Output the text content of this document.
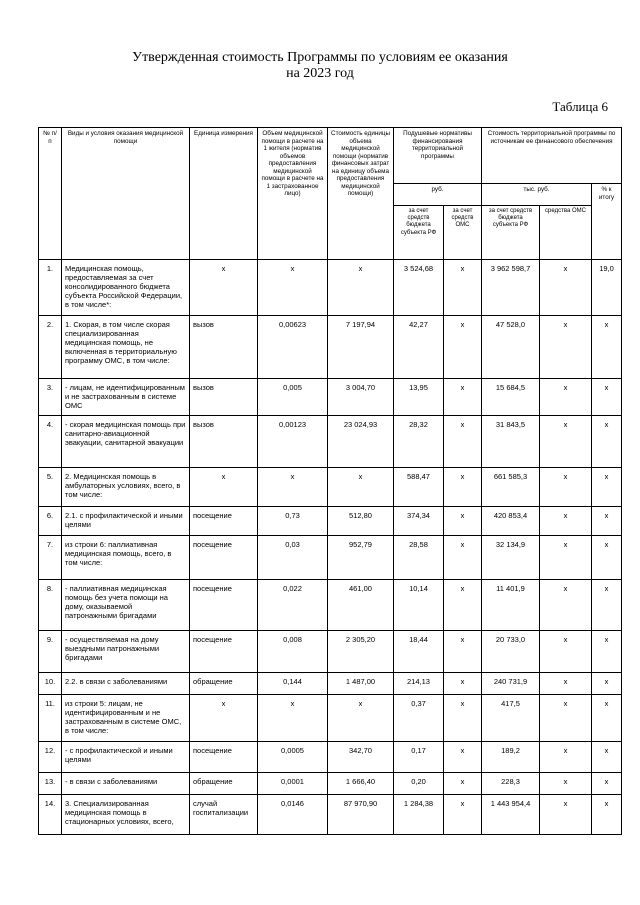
Утвержденная стоимость Программы по условиям ее оказания
на 2023 год
Таблица 6
№ п/п	Виды и условия оказания медицинской помощи	Единица измерения	Объем медицинской помощи в расчете на 1 жителя (норматив объемов предоставления медицинской помощи в расчете на 1 застрахованное лицо)	Стоимость единицы объема медицинской помощи (норматив финансовых затрат на единицу объема предоставления медицинской помощи)	Подушевые нормативы финансирования территориальной программы		Стоимость территориальной программы по источникам ее финансового обеспечения		
					руб.		тыс. руб.		% к итогу
					за счет средств бюджета субъекта РФ	за счет средств ОМС	за счет средств бюджета субъекта РФ	средства ОМС	
1.	Медицинская помощь, предоставляемая за счет консолидированного бюджета субъекта Российской Федерации, в том числе*:	x	x	x	3 524,68	x	3 962 598,7	x	19,0
2.	1. Скорая, в том числе скорая специализированная медицинская помощь, не включенная в территориальную программу ОМС, в том числе:	вызов	0,00623	7 197,94	42,27	x	47 528,0	x	x
3.	- лицам, не идентифицированным и не застрахованным в системе ОМС	вызов	0,005	3 004,70	13,95	x	15 684,5	x	x
4.	- скорая медицинская помощь при санитарно-авиационной эвакуации, санитарной эвакуации	вызов	0,00123	23 024,93	28,32	x	31 843,5	x	x
5.	2. Медицинская помощь в амбулаторных условиях, всего, в том числе:	x	x	x	588,47	x	661 585,3	x	x
6.	2.1. с профилактической и иными целями	посещение	0,73	512,80	374,34	x	420 853,4	x	x
7.	из строки 6: паллиативная медицинская помощь, всего, в том числе:	посещение	0,03	952,79	28,58	x	32 134,9	x	x
8.	- паллиативная медицинская помощь без учета помощи на дому, оказываемой патронажными бригадами	посещение	0,022	461,00	10,14	x	11 401,9	x	x
9.	- осуществляемая на дому выездными патронажными бригадами	посещение	0,008	2 305,20	18,44	x	20 733,0	x	x
10.	2.2. в связи с заболеваниями	обращение	0,144	1 487,00	214,13	x	240 731,9	x	x
11.	из строки 5: лицам, не идентифицированным и не застрахованным в системе ОМС, в том числе:	x	x	x	0,37	x	417,5	x	x
12.	- с профилактической и иными целями	посещение	0,0005	342,70	0,17	x	189,2	x	x
13.	- в связи с заболеваниями	обращение	0,0001	1 666,40	0,20	x	228,3	x	x
14.	3. Специализированная медицинская помощь в стационарных условиях, всего,	случай госпитализации	0,0146	87 970,90	1 284,38	x	1 443 954,4	x	x
